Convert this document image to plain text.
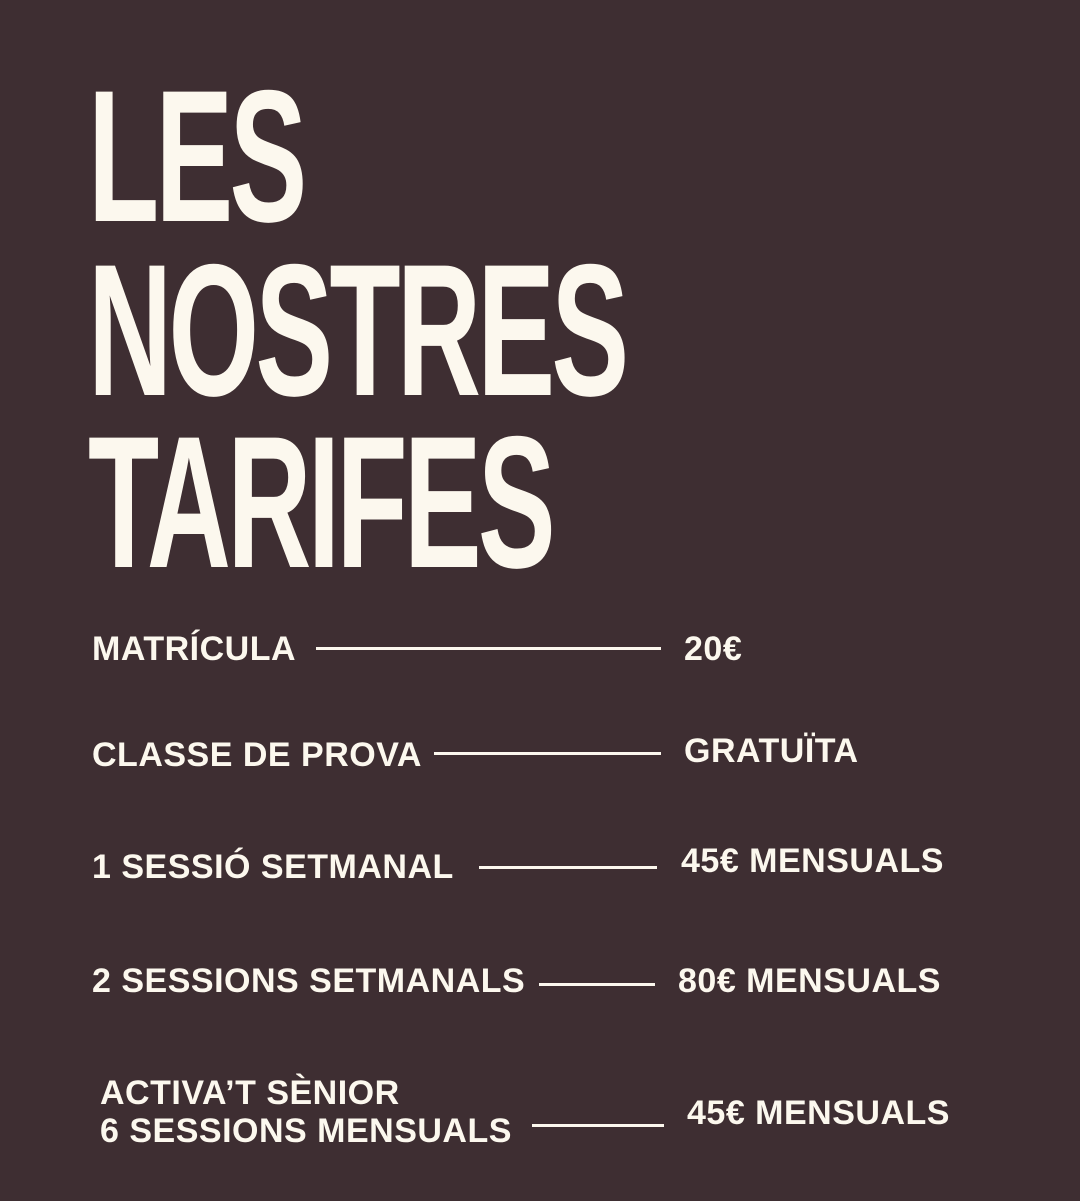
LES
NOSTRES
TARIFES

MATRÍCULA	20€

CLASSE DE PROVA	GRATUÏTA

1 SESSIÓ SETMANAL	45€ MENSUALS

2 SESSIONS SETMANALS	80€ MENSUALS

ACTIVA’T SÈNIOR

6 SESSIONS MENSUALS	45€ MENSUALS
